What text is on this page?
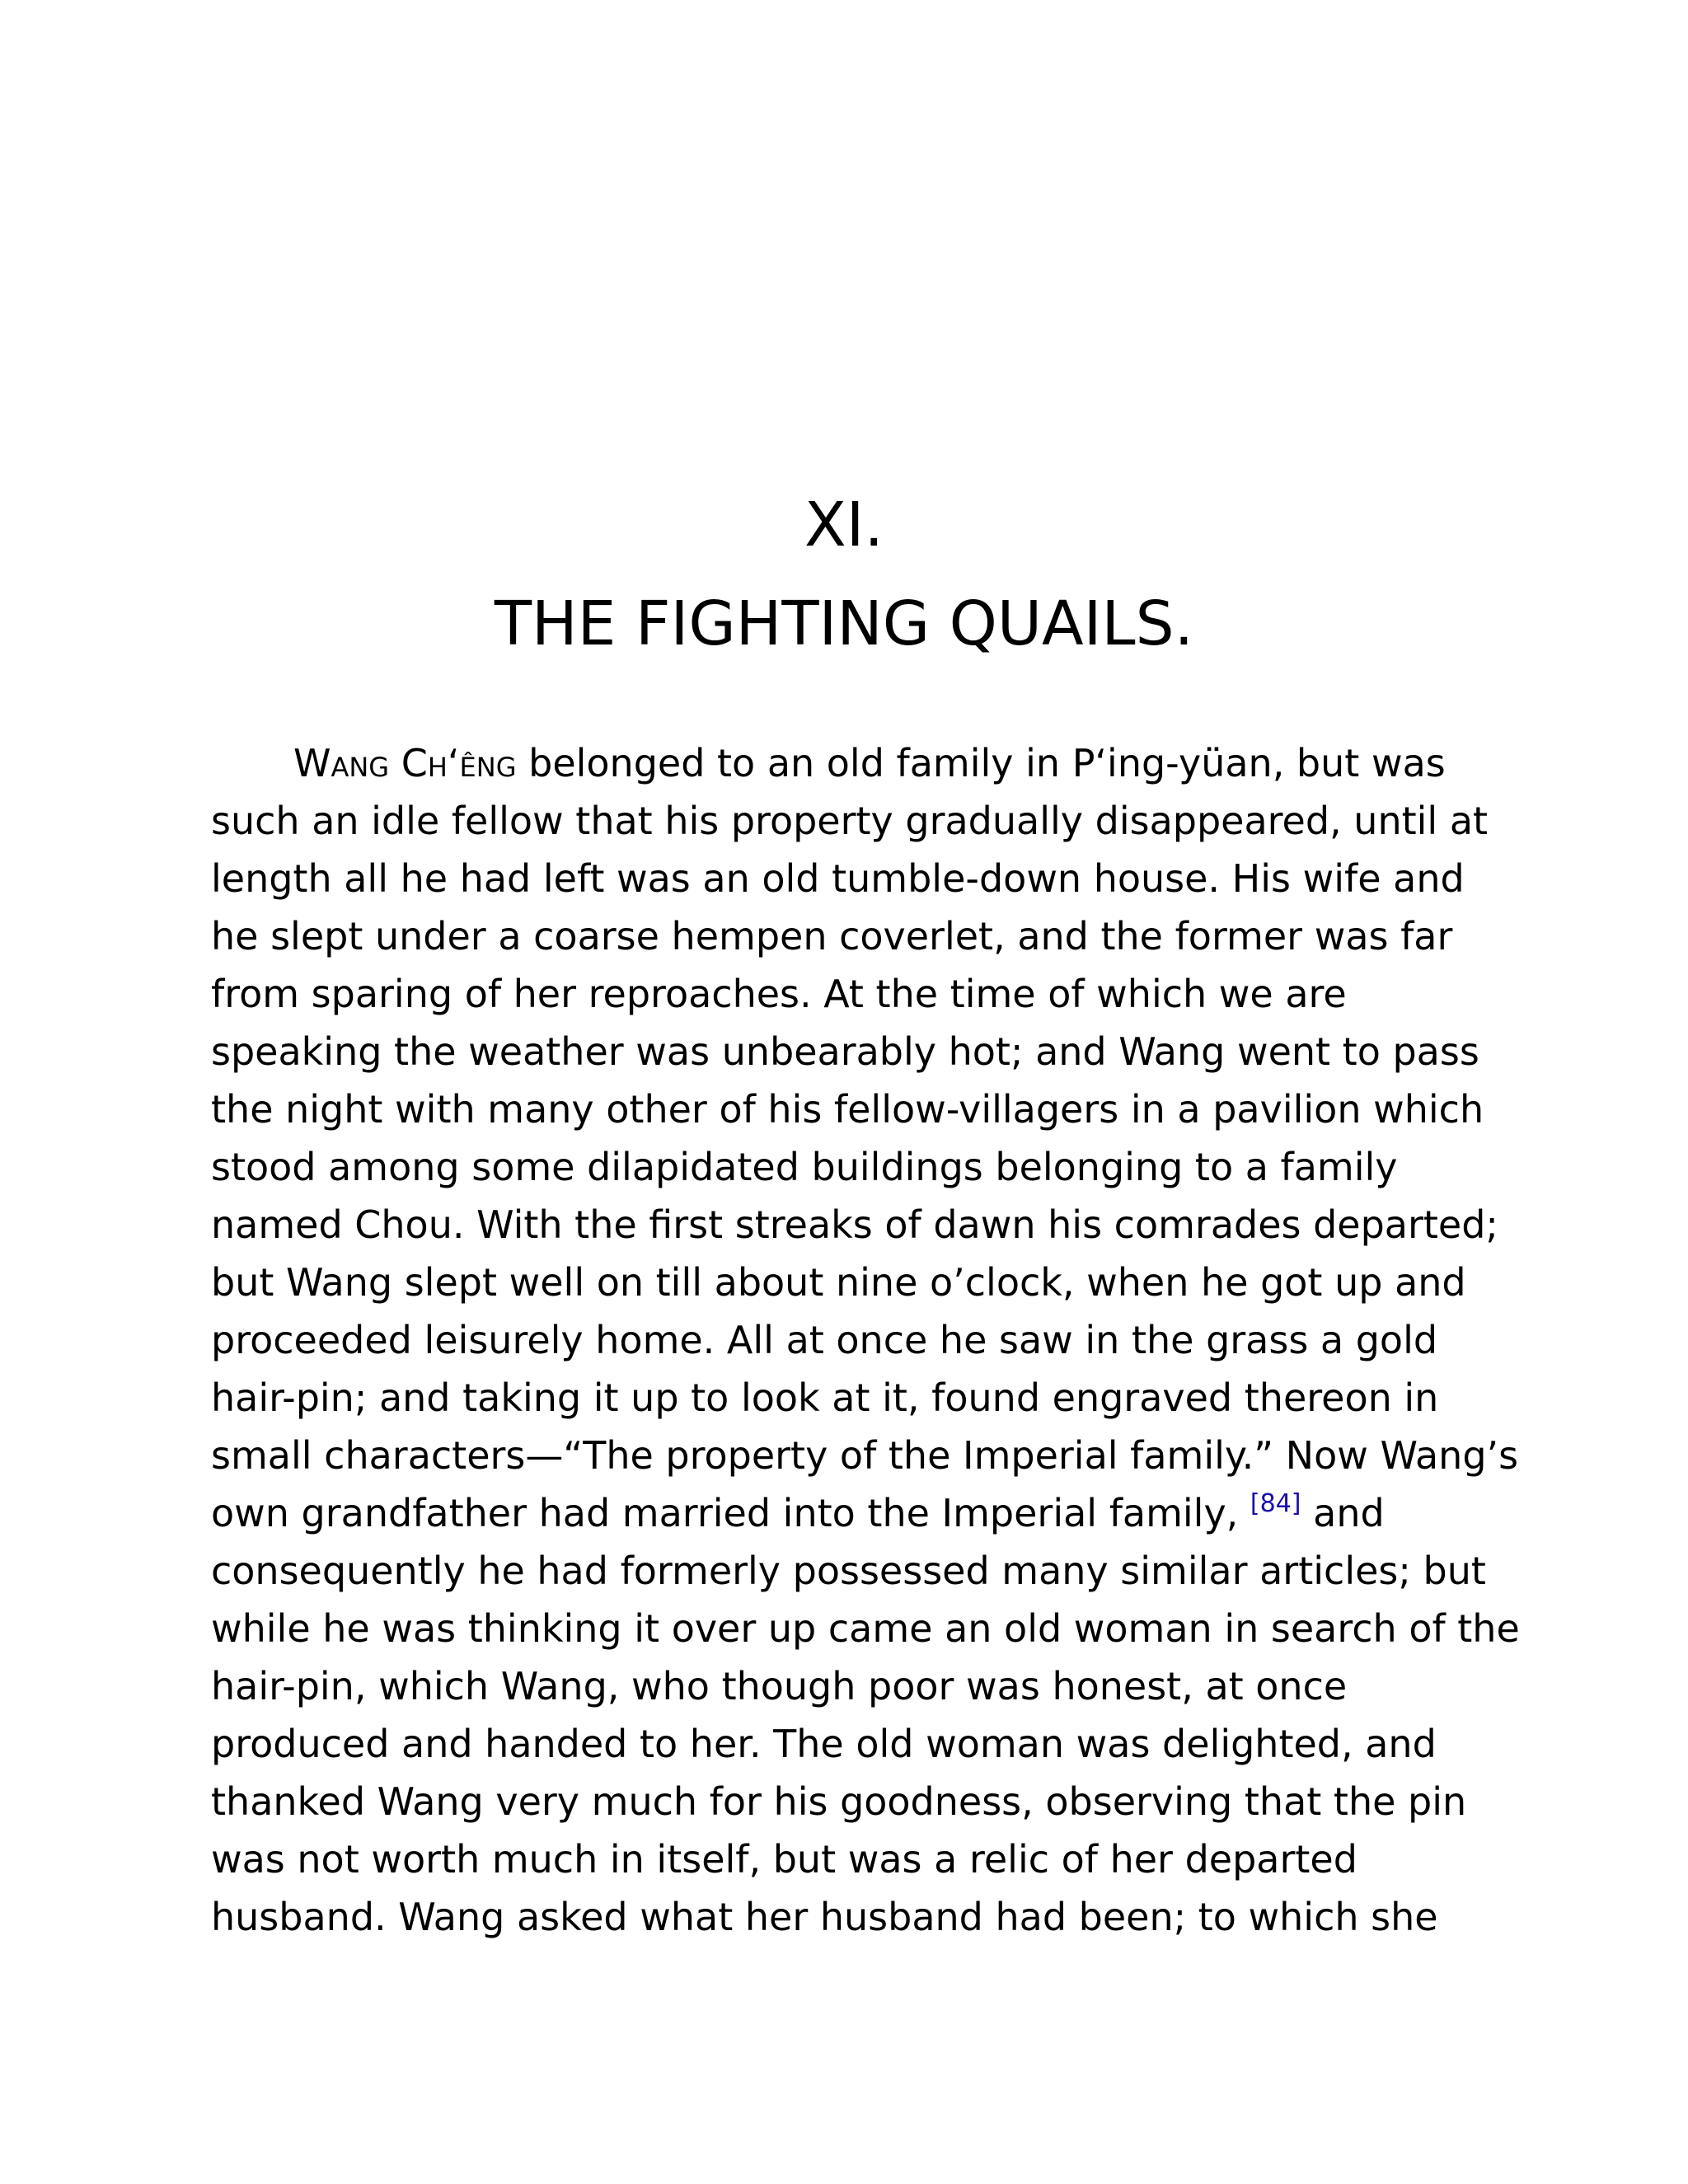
XI.
THE FIGHTING QUAILS.
Wang Ch‘êng belonged to an old family in P‘ing-yüan, but was
such an idle fellow that his property gradually disappeared, until at
length all he had left was an old tumble-down house. His wife and
he slept under a coarse hempen coverlet, and the former was far
from sparing of her reproaches. At the time of which we are
speaking the weather was unbearably hot; and Wang went to pass
the night with many other of his fellow-villagers in a pavilion which
stood among some dilapidated buildings belonging to a family
named Chou. With the first streaks of dawn his comrades departed;
but Wang slept well on till about nine o’clock, when he got up and
proceeded leisurely home. All at once he saw in the grass a gold
hair-pin; and taking it up to look at it, found engraved thereon in
small characters—“The property of the Imperial family.” Now Wang’s
own grandfather had married into the Imperial family, [84] and
consequently he had formerly possessed many similar articles; but
while he was thinking it over up came an old woman in search of the
hair-pin, which Wang, who though poor was honest, at once
produced and handed to her. The old woman was delighted, and
thanked Wang very much for his goodness, observing that the pin
was not worth much in itself, but was a relic of her departed
husband. Wang asked what her husband had been; to which she
